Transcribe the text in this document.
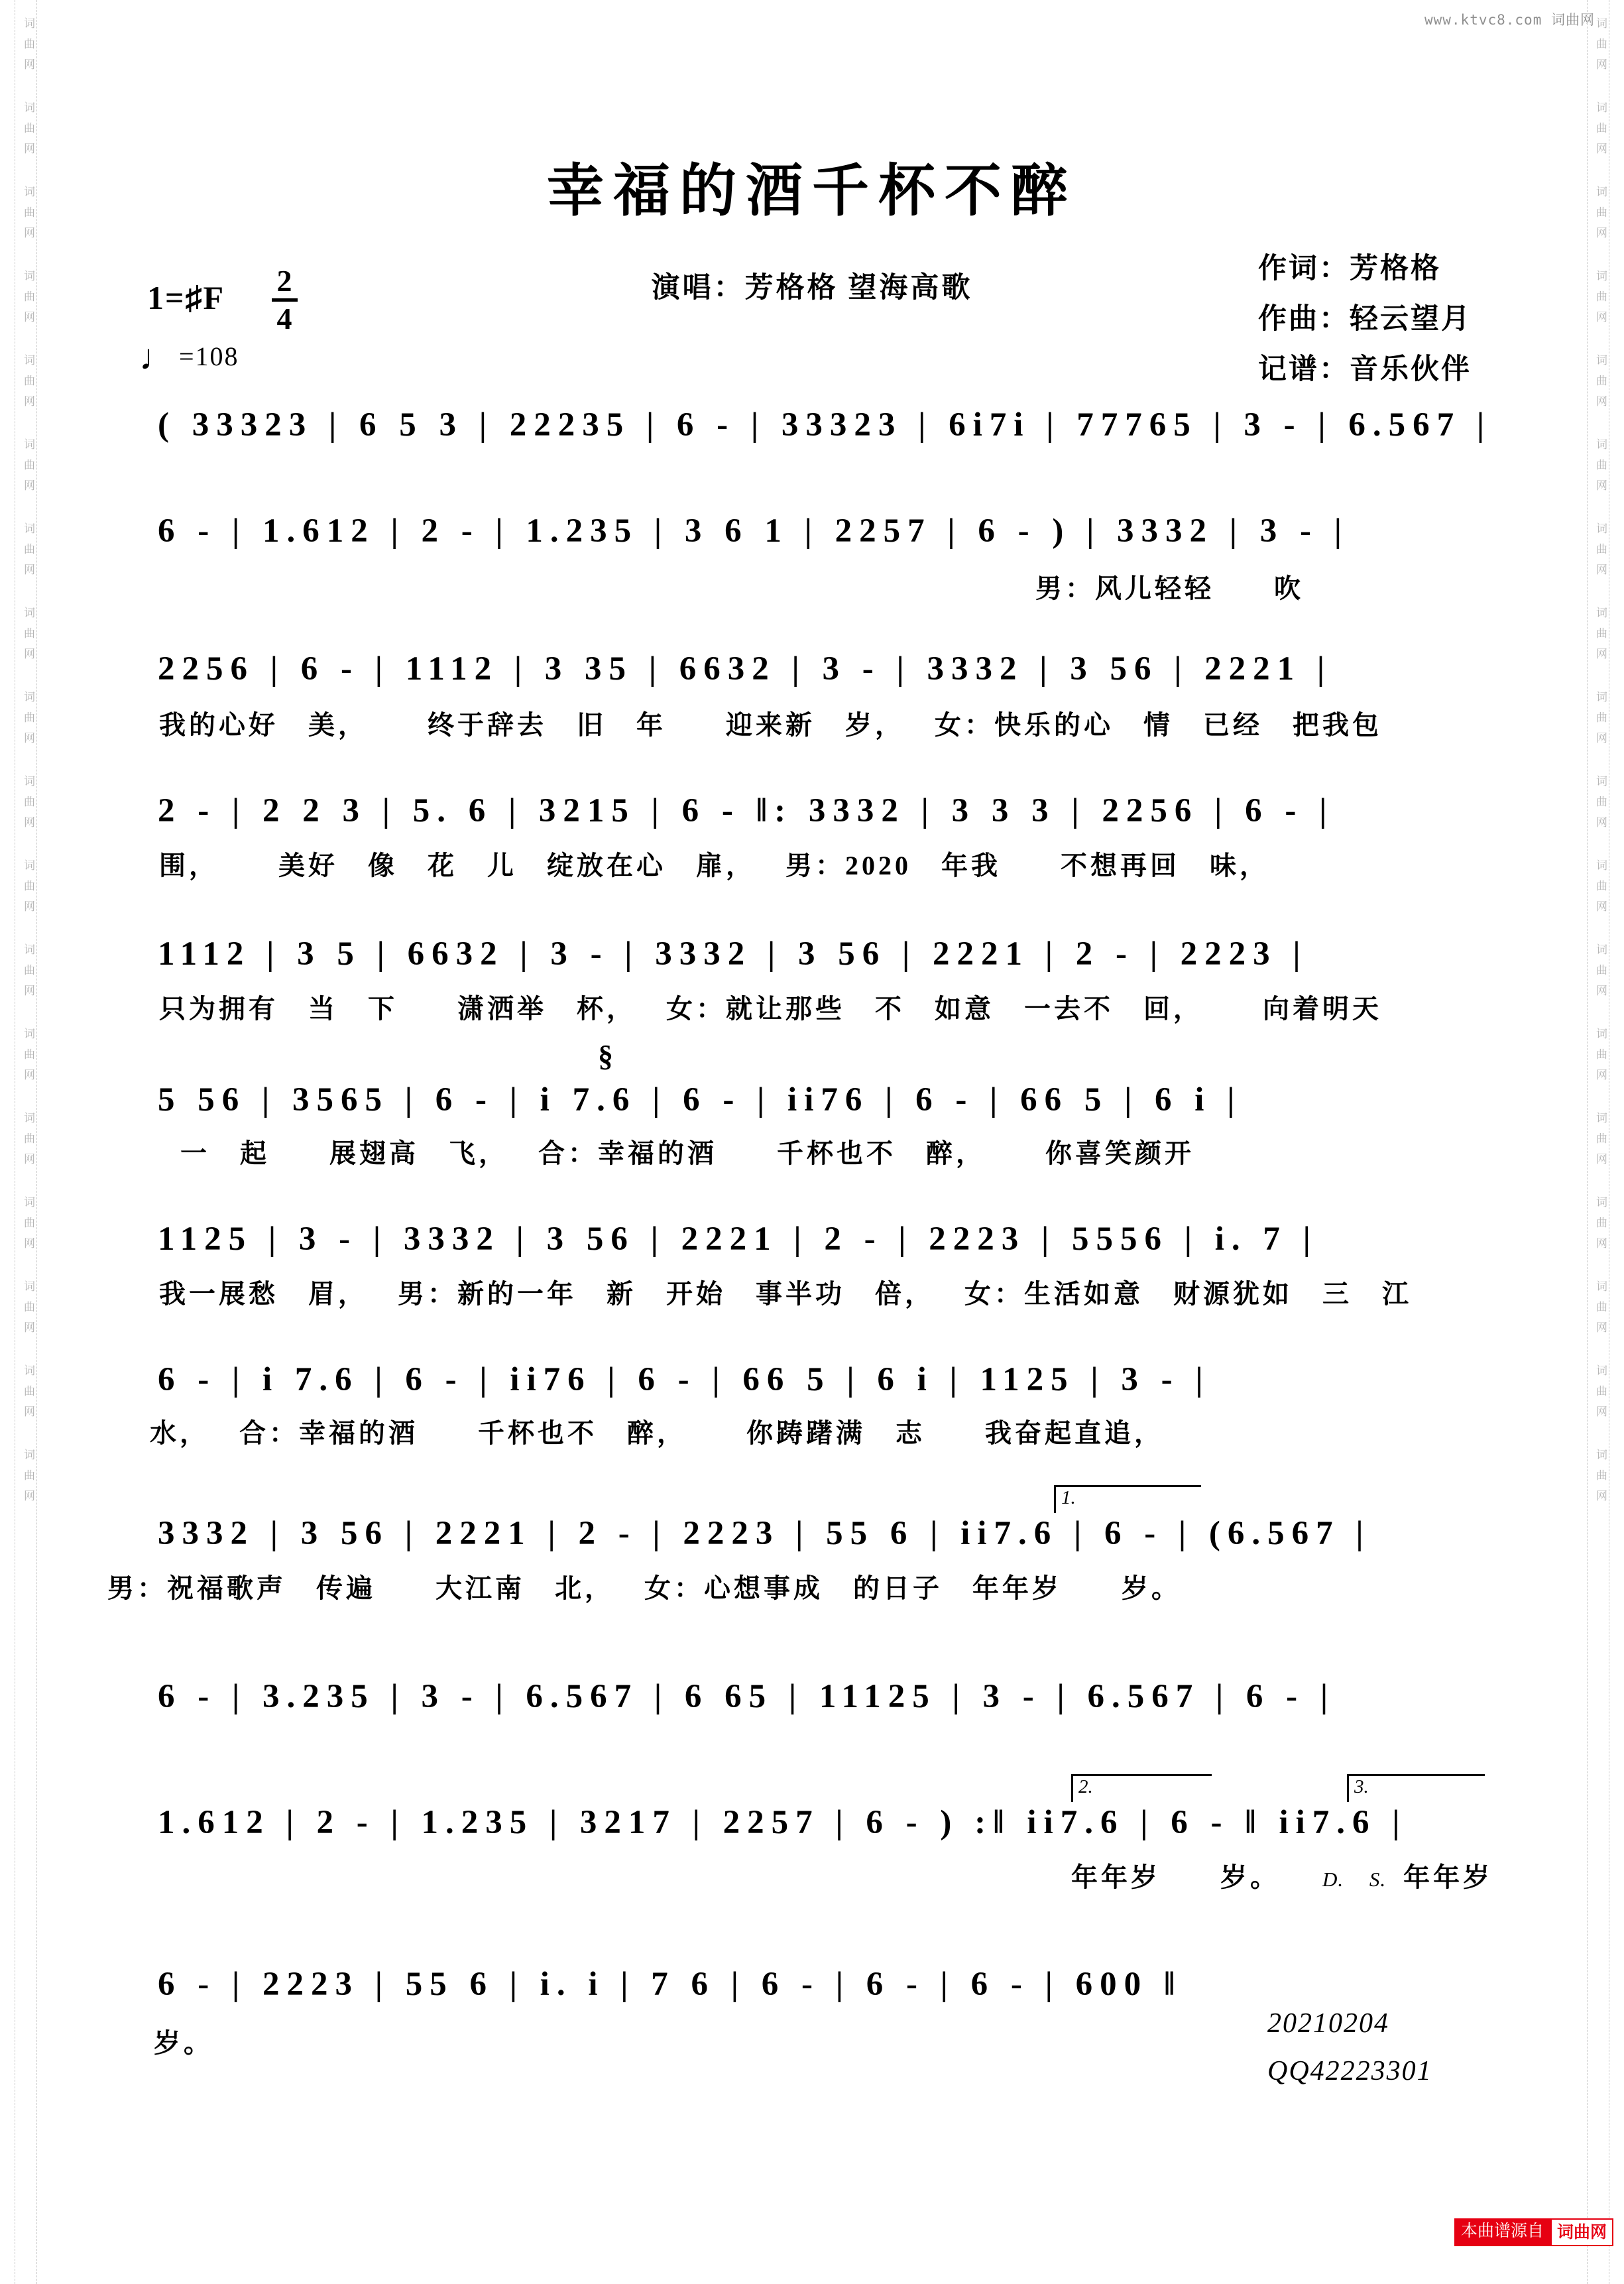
www.ktvc8.com 词曲网
词曲网 词曲网 词曲网 词曲网 词曲网 词曲网 词曲网 词曲网 词曲网 词曲网 词曲网 词曲网 词曲网 词曲网 词曲网 词曲网 词曲网 词曲网	词曲网 词曲网 词曲网 词曲网 词曲网 词曲网 词曲网 词曲网 词曲网 词曲网 词曲网 词曲网 词曲网 词曲网 词曲网 词曲网 词曲网 词曲网
幸福的酒千杯不醉
演唱：芳格格 望海高歌
作词：芳格格
作曲：轻云望月
记谱：音乐伙伴
1=♯F $\frac{2}{4}$
♩ =108
§
( 33323 | 6 5 3 | 22235 | 6 - | 33323 | 6i7i | 77765 | 3 - | 6.567 |
6 - | 1.612 | 2 - | 1.235 | 3 6 1 | 2257 | 6 - ) | 3332 | 3 - |
男：风儿轻轻  吹
2256 | 6 - | 1112 | 3 35 | 6632 | 3 - | 3332 | 3 56 | 2221 |
我的心好 美，  终于辞去 旧 年  迎来新 岁， 女：快乐的心 情 已经 把我包
2 - | 2 2 3 | 5. 6 | 3215 | 6 - ‖: 3332 | 3 3 3 | 2256 | 6 - |
围，  美好 像 花 儿 绽放在心 扉， 男：2020 年我  不想再回 味，
1112 | 3 5 | 6632 | 3 - | 3332 | 3 56 | 2221 | 2 - | 2223 |
只为拥有 当 下  潇洒举 杯， 女：就让那些 不 如意 一去不 回，  向着明天
5 56 | 3565 | 6 - | i 7.6 | 6 - | ii76 | 6 - | 66 5 | 6 i |
一 起  展翅高 飞， 合：幸福的酒  千杯也不 醉，  你喜笑颜开
1125 | 3 - | 3332 | 3 56 | 2221 | 2 - | 2223 | 5556 | i. 7 |
我一展愁 眉， 男：新的一年 新 开始 事半功 倍， 女：生活如意 财源犹如 三 江
6 - | i 7.6 | 6 - | ii76 | 6 - | 66 5 | 6 i | 1125 | 3 - |
水， 合：幸福的酒  千杯也不 醉，  你踌躇满 志  我奋起直追，
3332 | 3 56 | 2221 | 2 - | 2223 | 55 6 | ii7.6 | 6 - | (6.567 |
男：祝福歌声 传遍  大江南 北， 女：心想事成 的日子 年年岁  岁。
6 - | 3.235 | 3 - | 6.567 | 6 65 | 11125 | 3 - | 6.567 | 6 - |
1.612 | 2 - | 1.235 | 3217 | 2257 | 6 - ) :‖ ii7.6 | 6 - ‖ ii7.6 |
年年岁  岁。 D. S. 年年岁
6 - | 2223 | 55 6 | i. i | 7 6 | 6 - | 6 - | 6 - | 600 ‖
岁。
1.
2.	3.
20210204
QQ42223301
本曲谱源自 词曲网
